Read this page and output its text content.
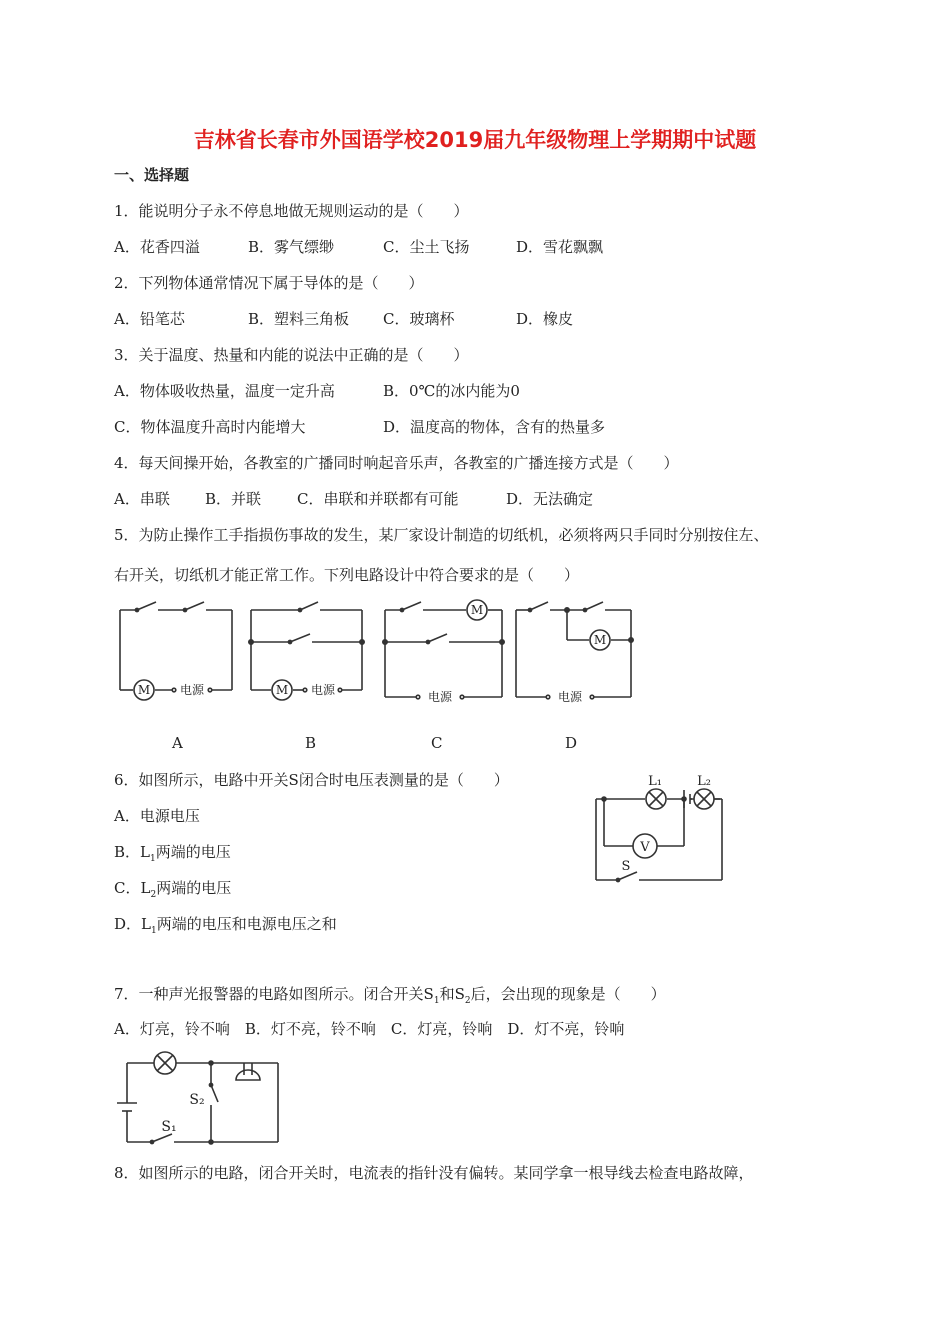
吉林省长春市外国语学校2019届九年级物理上学期期中试题
一、选择题
1．能说明分子永不停息地做无规则运动的是（　　）
A．花香四溢	B．雾气缥缈	C．尘土飞扬	D．雪花飘飘
2．下列物体通常情况下属于导体的是（　　）
A．铅笔芯	B．塑料三角板 C．玻璃杯	D．橡皮
3．关于温度、热量和内能的说法中正确的是（　　）
A．物体吸收热量，温度一定升高	B．0℃的冰内能为0
C．物体温度升高时内能增大	D．温度高的物体，含有的热量多
4．每天间操开始，各教室的广播同时响起音乐声，各教室的广播连接方式是（　　）
A．串联 B．并联 C．串联和并联都有可能	D．无法确定
5．为防止操作工手指损伤事故的发生，某厂家设计制造的切纸机，必须将两只手同时分别按住左、
右开关，切纸机才能正常工作。下列电路设计中符合要求的是（　　）
M 电源	M 电源
M
电源
M
电源
A	B	C	D
6．如图所示，电路中开关S闭合时电压表测量的是（　　）
A．电源电压
B．$L_1$两端的电压
C．$L_2$两端的电压
D．$L_1$两端的电压和电源电压之和
L₁	L₂
V
S
7．一种声光报警器的电路如图所示。闭合开关$S_1$和$S_2$后，会出现的现象是（　　）
A．灯亮，铃不响　B．灯不亮，铃不响　C．灯亮，铃响　D．灯不亮，铃响
S₂
S₁
8．如图所示的电路，闭合开关时，电流表的指针没有偏转。某同学拿一根导线去检查电路故障，
